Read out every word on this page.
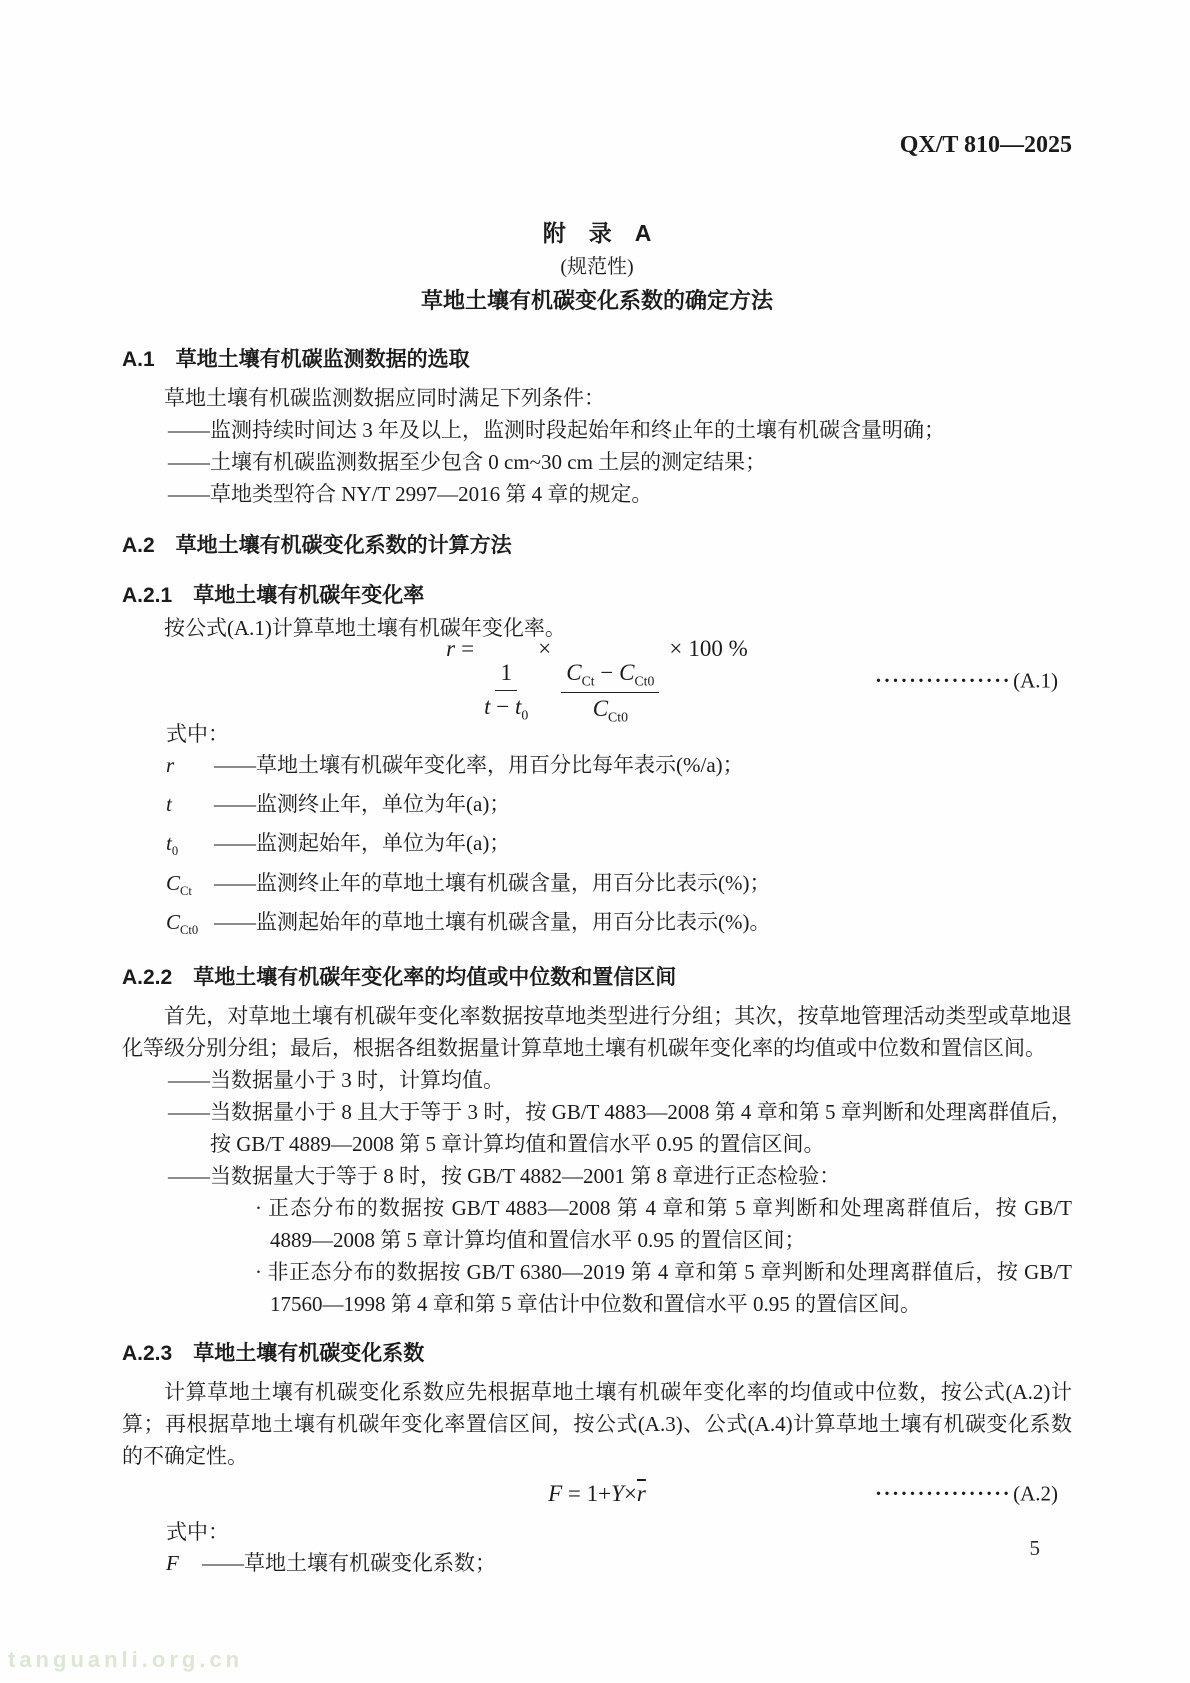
QX/T 810—2025
附　录　A
(规范性)
草地土壤有机碳变化系数的确定方法
A.1　草地土壤有机碳监测数据的选取

草地土壤有机碳监测数据应同时满足下列条件：

——监测持续时间达 3 年及以上，监测时段起始年和终止年的土壤有机碳含量明确；
——土壤有机碳监测数据至少包含 0 cm~30 cm 土层的测定结果；
——草地类型符合 NY/T 2997—2016 第 4 章的规定。
A.2　草地土壤有机碳变化系数的计算方法
A.2.1　草地土壤有机碳年变化率

按公式(A.1)计算草地土壤有机碳年变化率。

r =
$\frac{1}{t - t_0}$
×
$\frac{C_{Ct} - C_{Ct0}}{C_{Ct0}}$
× 100 %
················(A.1)
式中：
r	—— 草地土壤有机碳年变化率，用百分比每年表示(%/a)；
t	—— 监测终止年，单位为年(a)；
$t_0$	—— 监测起始年，单位为年(a)；
$C_{Ct}$	—— 监测终止年的草地土壤有机碳含量，用百分比表示(%)；
$C_{Ct0}$ —— 监测起始年的草地土壤有机碳含量，用百分比表示(%)。
A.2.2　草地土壤有机碳年变化率的均值或中位数和置信区间

首先，对草地土壤有机碳年变化率数据按草地类型进行分组；其次，按草地管理活动类型或草地退化等级分别分组；最后，根据各组数据量计算草地土壤有机碳年变化率的均值或中位数和置信区间。

——当数据量小于 3 时，计算均值。
——当数据量小于 8 且大于等于 3 时，按 GB/T 4883—2008 第 4 章和第 5 章判断和处理离群值后，按 GB/T 4889—2008 第 5 章计算均值和置信水平 0.95 的置信区间。
——当数据量大于等于 8 时，按 GB/T 4882—2001 第 8 章进行正态检验：
· 正态分布的数据按 GB/T 4883—2008 第 4 章和第 5 章判断和处理离群值后，按 GB/T 4889—2008 第 5 章计算均值和置信水平 0.95 的置信区间；
· 非正态分布的数据按 GB/T 6380—2019 第 4 章和第 5 章判断和处理离群值后，按 GB/T 17560—1998 第 4 章和第 5 章估计中位数和置信水平 0.95 的置信区间。
A.2.3　草地土壤有机碳变化系数

计算草地土壤有机碳变化系数应先根据草地土壤有机碳年变化率的均值或中位数，按公式(A.2)计算；再根据草地土壤有机碳年变化率置信区间，按公式(A.3)、公式(A.4)计算草地土壤有机碳变化系数的不确定性。

$F = 1+Y\times\overline{r}$	················(A.2)
式中：
F	—— 草地土壤有机碳变化系数；
5
tanguanli.org.cn
